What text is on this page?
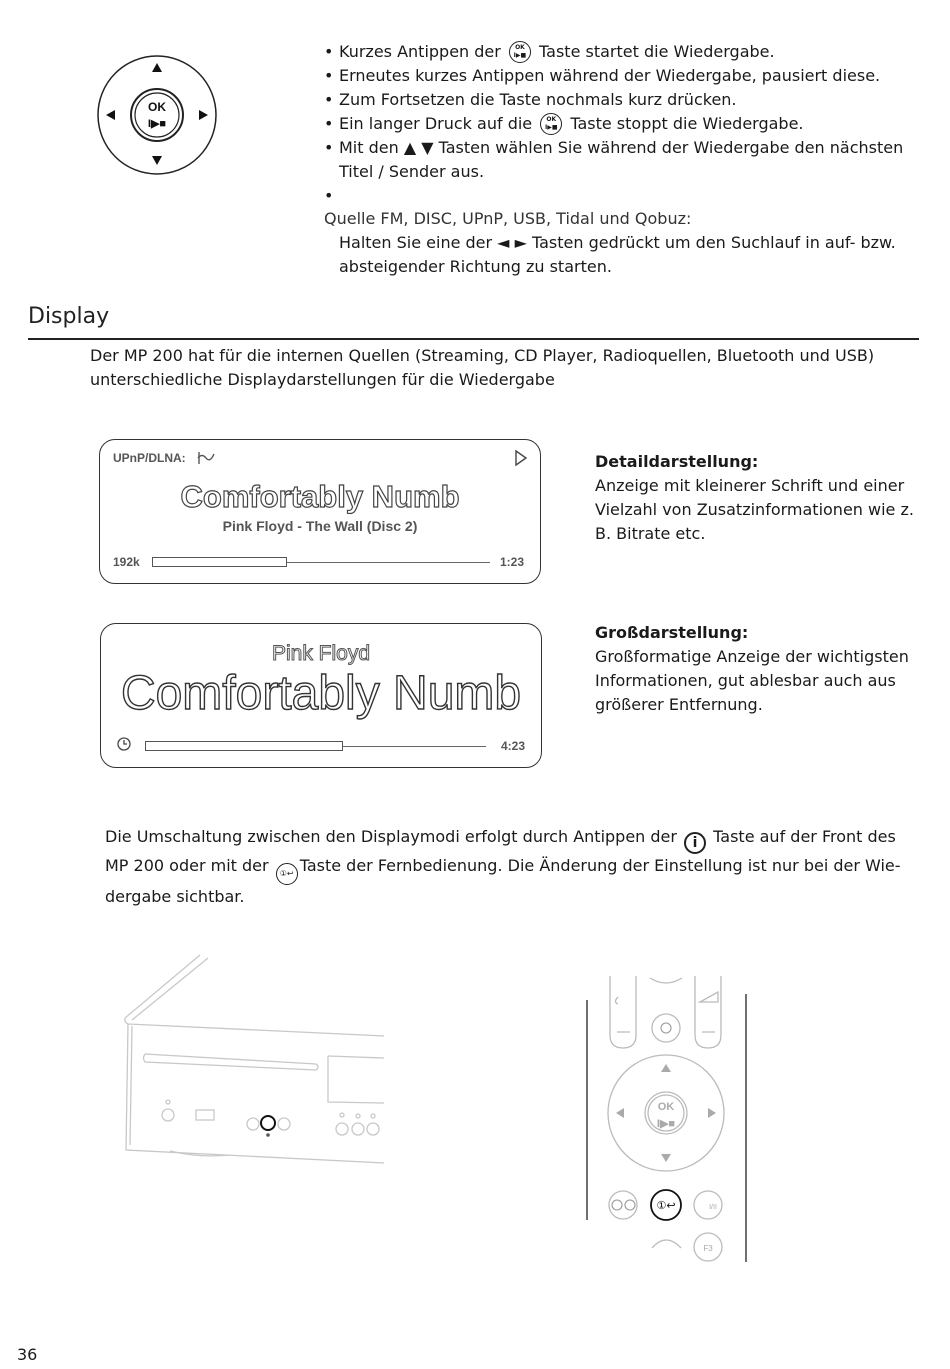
OK
I▶■
• Kurzes Antippen der	OK
I▶■ Taste startet die Wiedergabe.
• Erneutes kurzes Antippen während der Wiedergabe, pausiert diese.
• Zum Fortsetzen die Taste nochmals kurz drücken.
• Ein langer Druck auf die	OK
I▶■ Taste stoppt die Wiedergabe.
• Mit den ▲ ▼ Tasten wählen Sie während der Wiedergabe den nächsten
Titel / Sender aus.
•
Quelle FM, DISC, UPnP, USB, Tidal und Qobuz:
Halten Sie eine der ◄ ► Tasten gedrückt um den Suchlauf in auf- bzw.
absteigender Richtung zu starten.
Display
Der MP 200 hat für die internen Quellen (Streaming, CD Player, Radioquellen, Bluetooth und USB)
unterschiedliche Displaydarstellungen für die Wiedergabe
UPnP/DLNA:
Comfortably Numb
Pink Floyd - The Wall (Disc 2)
192k	1:23
Detaildarstellung:
Anzeige mit kleinerer Schrift und einer
Vielzahl von Zusatzinformationen wie z.
B. Bitrate etc.
Pink Floyd
Comfortably Numb
4:23
Großdarstellung:
Großformatige Anzeige der wichtigsten
Informationen, gut ablesbar auch aus
größerer Entfernung.
Die Umschaltung zwischen den Displaymodi erfolgt durch Antippen der i Taste auf der Front des
MP 200 oder mit der ①↩ Taste der Fernbedienung. Die Änderung der Einstellung ist nur bei der Wie-
dergabe sichtbar.
OK
I▶■
①↩	I/II
F3
36
